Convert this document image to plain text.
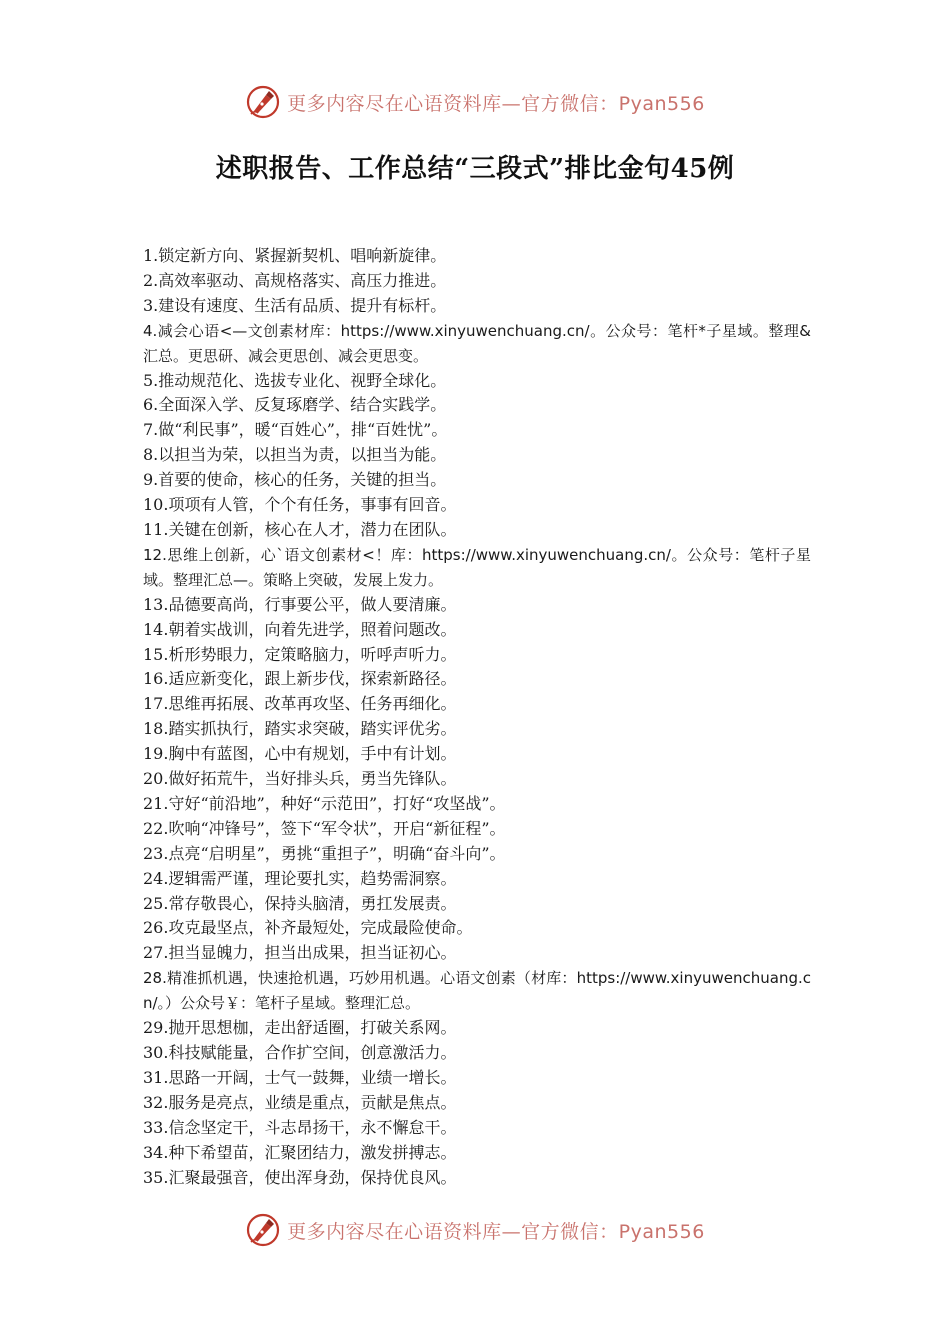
更多内容尽在心语资料库—官方微信：Pyan556
述职报告、工作总结“三段式”排比金句45例
1.锁定新方向、紧握新契机、唱响新旋律。
2.高效率驱动、高规格落实、高压力推进。
3.建设有速度、生活有品质、提升有标杆。
4.减会心语<—文创素材库：https://www.xinyuwenchuang.cn/。公众号：笔杆*子星域。整理&汇总。更思研、减会更思创、减会更思变。
5.推动规范化、选拔专业化、视野全球化。
6.全面深入学、反复琢磨学、结合实践学。
7.做“利民事”，暖“百姓心”，排“百姓忧”。
8.以担当为荣，以担当为责，以担当为能。
9.首要的使命，核心的任务，关键的担当。
10.项项有人管，个个有任务，事事有回音。
11.关键在创新，核心在人才，潜力在团队。
12.思维上创新，心`语文创素材<！库：https://www.xinyuwenchuang.cn/。公众号：笔杆子星域。整理汇总—。策略上突破，发展上发力。
13.品德要高尚，行事要公平，做人要清廉。
14.朝着实战训，向着先进学，照着问题改。
15.析形势眼力，定策略脑力，听呼声听力。
16.适应新变化，跟上新步伐，探索新路径。
17.思维再拓展、改革再攻坚、任务再细化。
18.踏实抓执行，踏实求突破，踏实评优劣。
19.胸中有蓝图，心中有规划，手中有计划。
20.做好拓荒牛，当好排头兵，勇当先锋队。
21.守好“前沿地”，种好“示范田”，打好“攻坚战”。
22.吹响“冲锋号”，签下“军令状”，开启“新征程”。
23.点亮“启明星”，勇挑“重担子”，明确“奋斗向”。
24.逻辑需严谨，理论要扎实，趋势需洞察。
25.常存敬畏心，保持头脑清，勇扛发展责。
26.攻克最坚点，补齐最短处，完成最险使命。
27.担当显魄力，担当出成果，担当证初心。
28.精准抓机遇，快速抢机遇，巧妙用机遇。心语文创素（材库：https://www.xinyuwenchuang.cn/。）公众号￥：笔杆子星域。整理汇总。
29.抛开思想枷，走出舒适圈，打破关系网。
30.科技赋能量，合作扩空间，创意激活力。
31.思路一开阔，士气一鼓舞，业绩一增长。
32.服务是亮点，业绩是重点，贡献是焦点。
33.信念坚定干，斗志昂扬干，永不懈怠干。
34.种下希望苗，汇聚团结力，激发拼搏志。
35.汇聚最强音，使出浑身劲，保持优良风。
更多内容尽在心语资料库—官方微信：Pyan556
